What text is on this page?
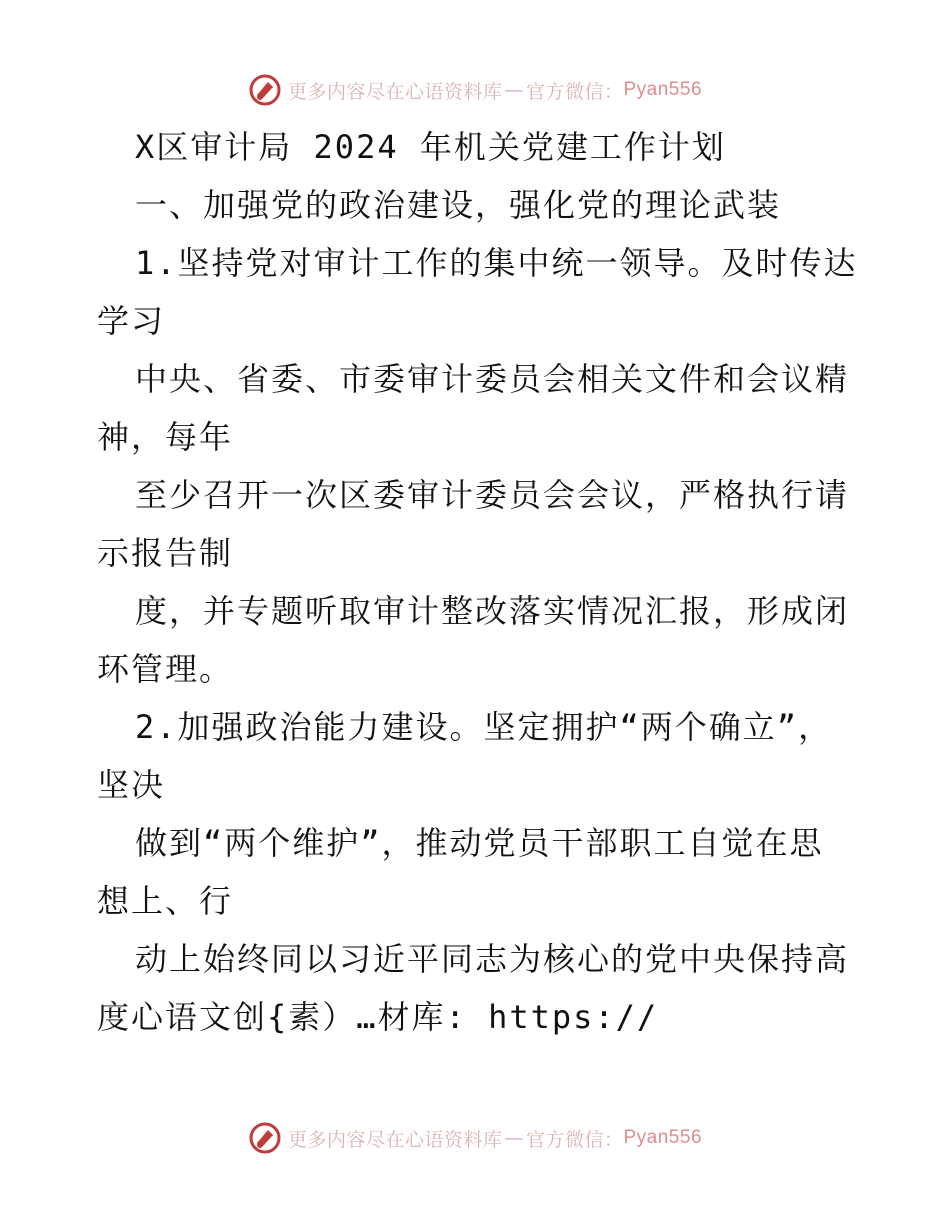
更多内容尽在心语资料库 — 官方微信： Pyan556
X区审计局 2024 年机关党建工作计划
一、加强党的政治建设，强化党的理论武装
1.坚持党对审计工作的集中统一领导。及时传达
学习
中央、省委、市委审计委员会相关文件和会议精
神，每年
至少召开一次区委审计委员会会议，严格执行请
示报告制
度，并专题听取审计整改落实情况汇报，形成闭
环管理。
2.加强政治能力建设。坚定拥护“两个确立”，
坚决
做到“两个维护”，推动党员干部职工自觉在思
想上、行
动上始终同以习近平同志为核心的党中央保持高
度心语文创{素）…材库: https://
更多内容尽在心语资料库 — 官方微信： Pyan556
